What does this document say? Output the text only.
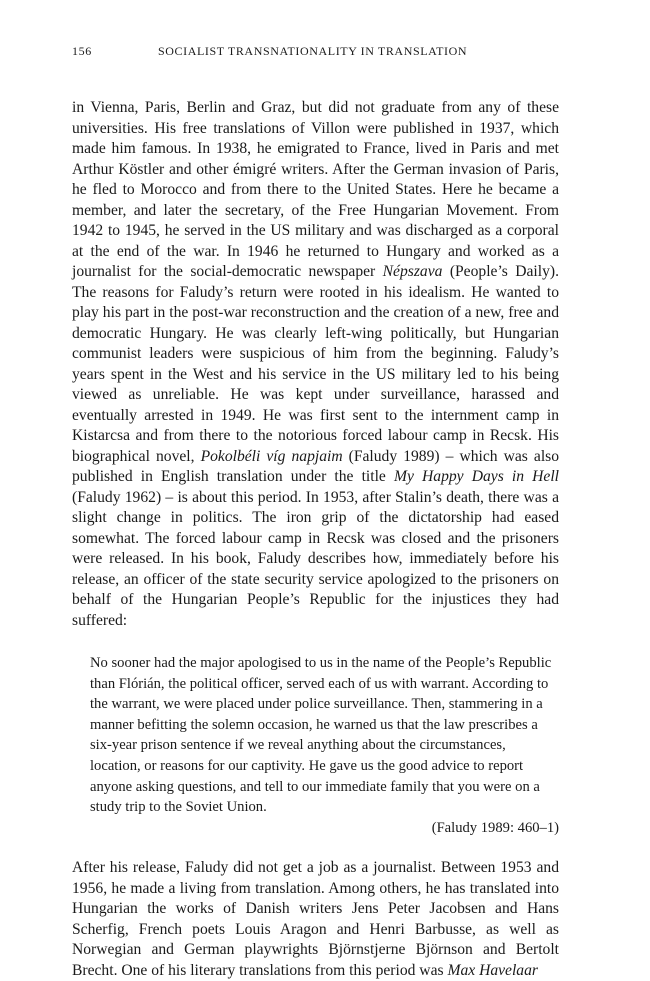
156	SOCIALIST TRANSNATIONALITY IN TRANSLATION

in Vienna, Paris, Berlin and Graz, but did not graduate from any of these universities. His free translations of Villon were published in 1937, which made him famous. In 1938, he emigrated to France, lived in Paris and met Arthur Köstler and other émigré writers. After the German invasion of Paris, he fled to Morocco and from there to the United States. Here he became a member, and later the secretary, of the Free Hungarian Movement. From 1942 to 1945, he served in the US military and was discharged as a corporal at the end of the war. In 1946 he returned to Hungary and worked as a journalist for the social-democratic newspaper Népszava (People’s Daily). The reasons for Faludy’s return were rooted in his idealism. He wanted to play his part in the post-war reconstruction and the creation of a new, free and democratic Hungary. He was clearly left-wing politically, but Hungarian communist leaders were suspicious of him from the beginning. Faludy’s years spent in the West and his service in the US military led to his being viewed as unreliable. He was kept under surveillance, harassed and eventually arrested in 1949. He was first sent to the internment camp in Kistarcsa and from there to the notorious forced labour camp in Recsk. His biographical novel, Pokolbéli víg napjaim (Faludy 1989) – which was also published in English translation under the title My Happy Days in Hell (Faludy 1962) – is about this period. In 1953, after Stalin’s death, there was a slight change in politics. The iron grip of the dictatorship had eased somewhat. The forced labour camp in Recsk was closed and the prisoners were released. In his book, Faludy describes how, immediately before his release, an officer of the state security service apologized to the prisoners on behalf of the Hungarian People’s Republic for the injustices they had suffered:

No sooner had the major apologised to us in the name of the People’s Republic than Flórián, the political officer, served each of us with warrant. According to the warrant, we were placed under police surveillance. Then, stammering in a manner befitting the solemn occasion, he warned us that the law prescribes a six-year prison sentence if we reveal anything about the circumstances, location, or reasons for our captivity. He gave us the good advice to report anyone asking questions, and tell to our immediate family that you were on a study trip to the Soviet Union.

(Faludy 1989: 460–1)

After his release, Faludy did not get a job as a journalist. Between 1953 and 1956, he made a living from translation. Among others, he has translated into Hungarian the works of Danish writers Jens Peter Jacobsen and Hans Scherfig, French poets Louis Aragon and Henri Barbusse, as well as Norwegian and German playwrights Björnstjerne Björnson and Bertolt Brecht. One of his literary translations from this period was Max Havelaar
